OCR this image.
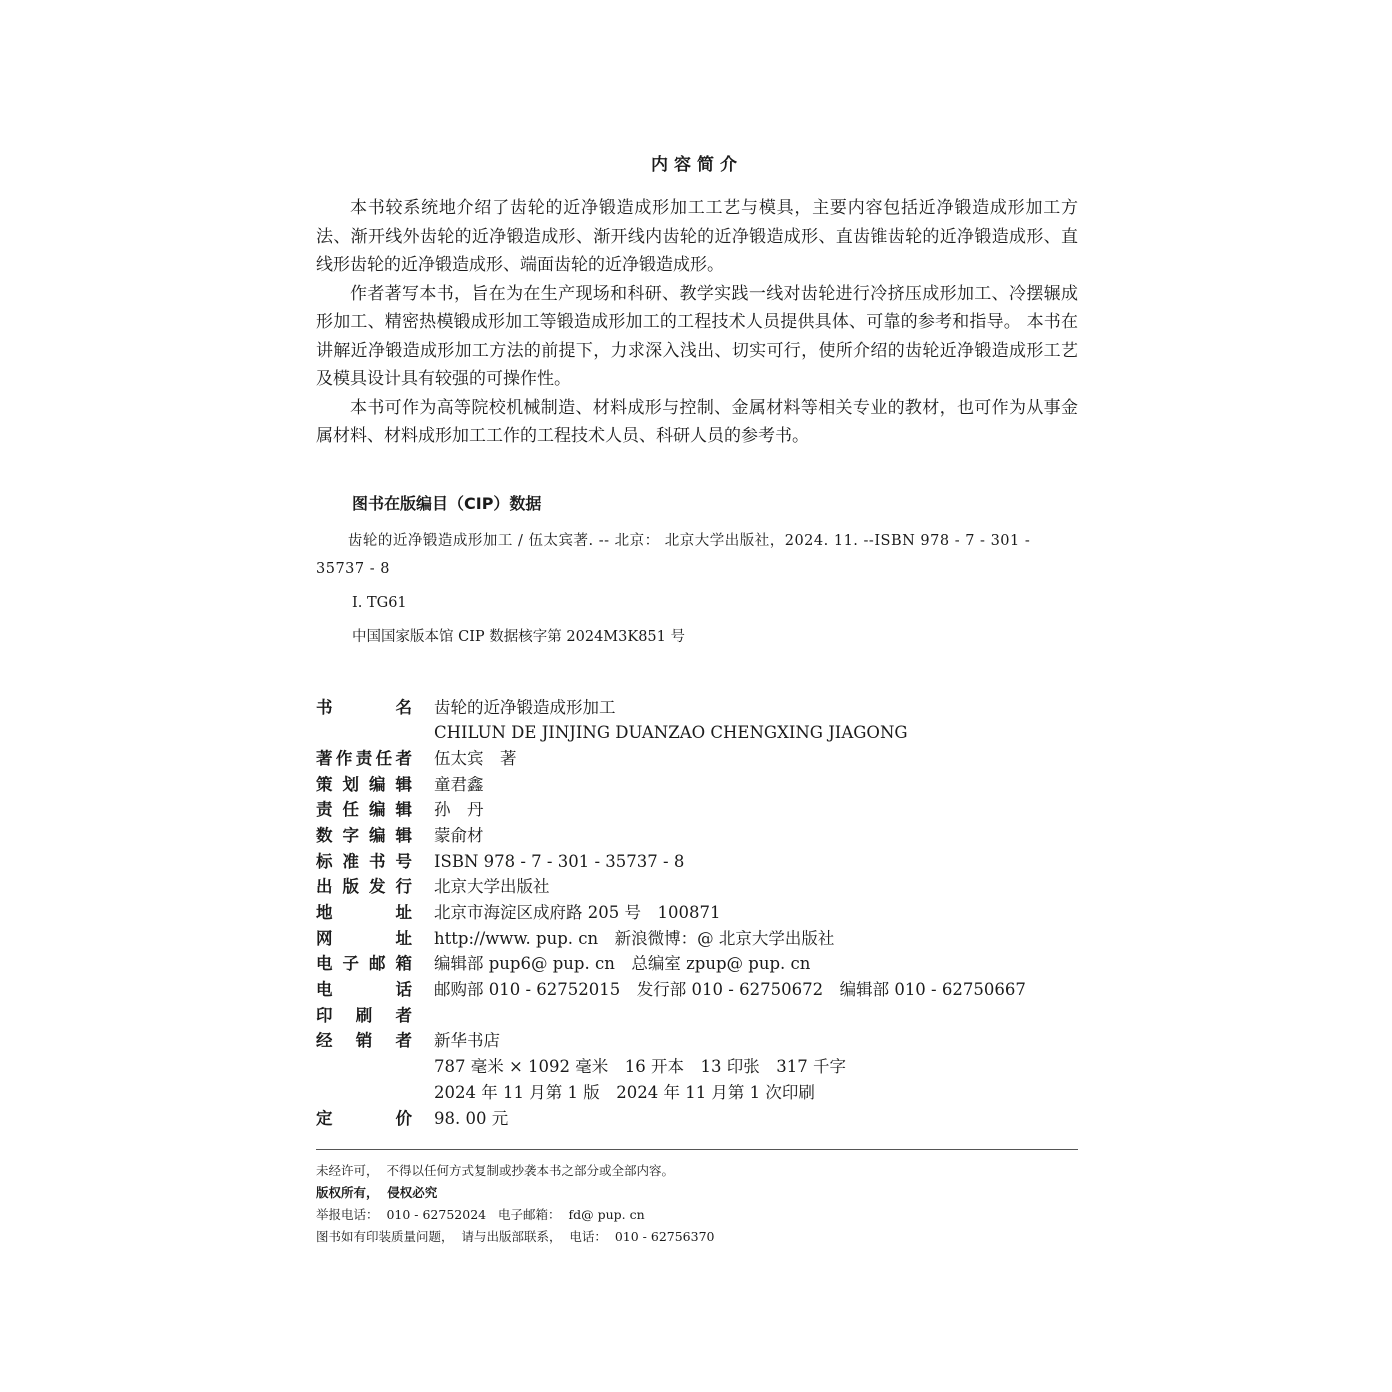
内容简介

本书较系统地介绍了齿轮的近净锻造成形加工工艺与模具，主要内容包括近净锻造成形加工方法、渐开线外齿轮的近净锻造成形、渐开线内齿轮的近净锻造成形、直齿锥齿轮的近净锻造成形、直线形齿轮的近净锻造成形、端面齿轮的近净锻造成形。

作者著写本书，旨在为在生产现场和科研、教学实践一线对齿轮进行冷挤压成形加工、冷摆辗成形加工、精密热模锻成形加工等锻造成形加工的工程技术人员提供具体、可靠的参考和指导。 本书在讲解近净锻造成形加工方法的前提下，力求深入浅出、切实可行，使所介绍的齿轮近净锻造成形工艺及模具设计具有较强的可操作性。

本书可作为高等院校机械制造、材料成形与控制、金属材料等相关专业的教材，也可作为从事金属材料、材料成形加工工作的工程技术人员、科研人员的参考书。

图书在版编目（CIP）数据

齿轮的近净锻造成形加工 / 伍太宾著. -- 北京： 北京大学出版社，2024. 11. --ISBN 978 - 7 - 301 - 35737 - 8

Ⅰ. TG61

中国国家版本馆 CIP 数据核字第 2024M3K851 号

书名 齿轮的近净锻造成形加工
CHILUN DE JINJING DUANZAO CHENGXING JIAGONG
著作责任者 伍太宾　著
策划编辑 童君鑫
责任编辑 孙　丹
数字编辑 蒙俞材
标准书号 ISBN 978 - 7 - 301 - 35737 - 8
出版发行 北京大学出版社
地址 北京市海淀区成府路 205 号　100871
网址 http://www. pup. cn　新浪微博：@ 北京大学出版社
电子邮箱 编辑部 pup6@ pup. cn　总编室 zpup@ pup. cn
电话 邮购部 010 - 62752015　发行部 010 - 62750672　编辑部 010 - 62750667
印刷者
经销者 新华书店
787 毫米 × 1092 毫米　16 开本　13 印张　317 千字
2024 年 11 月第 1 版　2024 年 11 月第 1 次印刷
定价 98. 00 元

未经许可，  不得以任何方式复制或抄袭本书之部分或全部内容。

版权所有，  侵权必究

举报电话：  010 - 62752024   电子邮箱：  fd@ pup. cn

图书如有印装质量问题，  请与出版部联系，  电话：  010 - 62756370
